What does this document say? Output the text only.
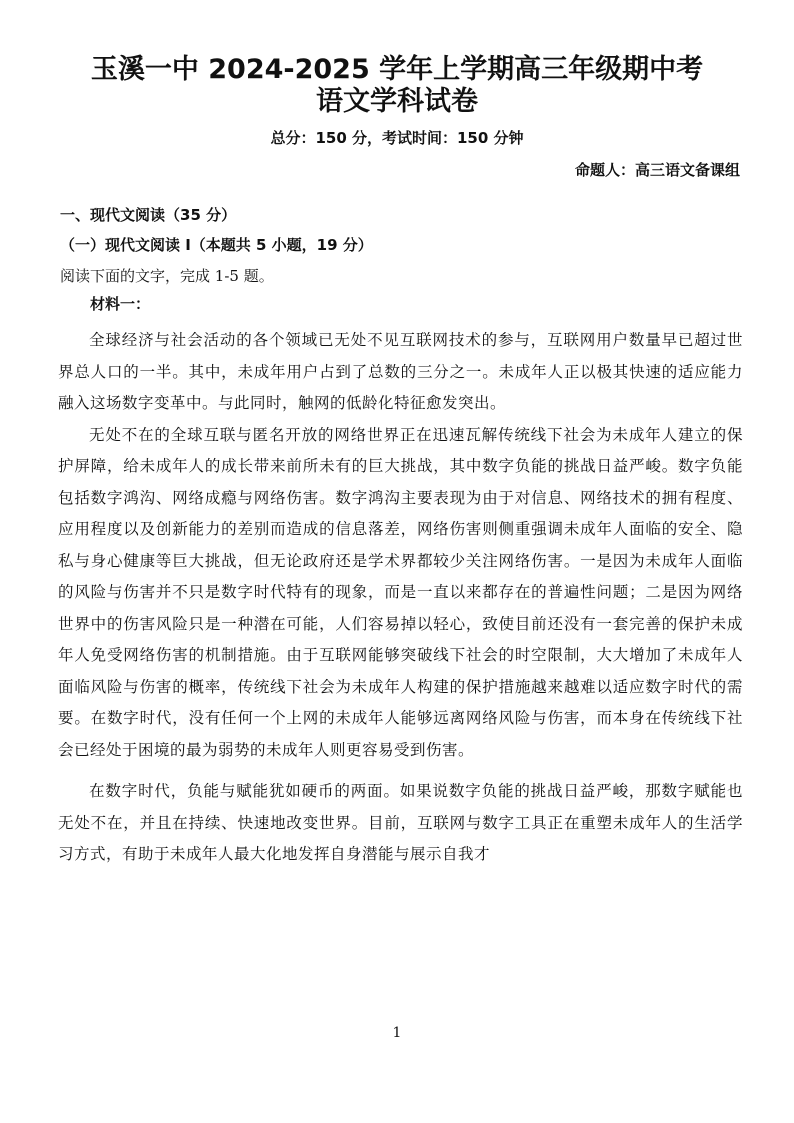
玉溪一中 2024-2025 学年上学期高三年级期中考
语文学科试卷
总分：150 分，考试时间：150 分钟
命题人：高三语文备课组
一、现代文阅读（35 分）
（一）现代文阅读 I（本题共 5 小题，19 分）
阅读下面的文字，完成 1-5 题。
材料一：

全球经济与社会活动的各个领域已无处不见互联网技术的参与，互联网用户数量早已超过世界总人口的一半。其中，未成年用户占到了总数的三分之一。未成年人正以极其快速的适应能力融入这场数字变革中。与此同时，触网的低龄化特征愈发突出。

无处不在的全球互联与匿名开放的网络世界正在迅速瓦解传统线下社会为未成年人建立的保护屏障，给未成年人的成长带来前所未有的巨大挑战，其中数字负能的挑战日益严峻。数字负能包括数字鸿沟、网络成瘾与网络伤害。数字鸿沟主要表现为由于对信息、网络技术的拥有程度、应用程度以及创新能力的差别而造成的信息落差，网络伤害则侧重强调未成年人面临的安全、隐私与身心健康等巨大挑战，但无论政府还是学术界都较少关注网络伤害。一是因为未成年人面临的风险与伤害并不只是数字时代特有的现象，而是一直以来都存在的普遍性问题；二是因为网络世界中的伤害风险只是一种潜在可能，人们容易掉以轻心，致使目前还没有一套完善的保护未成年人免受网络伤害的机制措施。由于互联网能够突破线下社会的时空限制，大大增加了未成年人面临风险与伤害的概率，传统线下社会为未成年人构建的保护措施越来越难以适应数字时代的需要。在数字时代，没有任何一个上网的未成年人能够远离网络风险与伤害，而本身在传统线下社会已经处于困境的最为弱势的未成年人则更容易受到伤害。

在数字时代，负能与赋能犹如硬币的两面。如果说数字负能的挑战日益严峻，那数字赋能也无处不在，并且在持续、快速地改变世界。目前，互联网与数字工具正在重塑未成年人的生活学习方式，有助于未成年人最大化地发挥自身潜能与展示自我才

1
